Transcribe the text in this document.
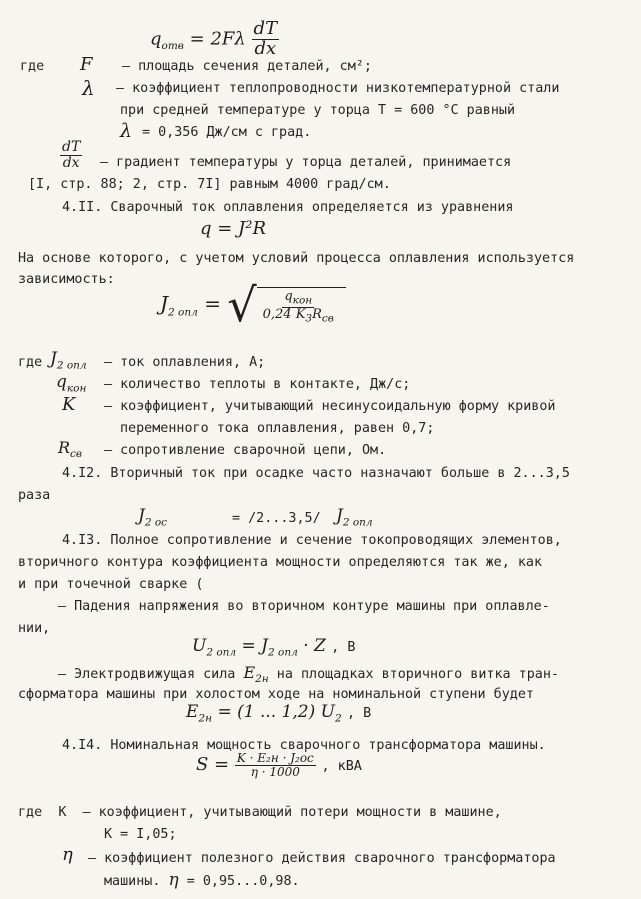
$q_{отв} = 2F\lambda \frac{dT}{dx}$
где F – площадь сечения деталей, см²;
λ – коэффициент теплопроводности низкотемпературной стали
при средней температуре у торца T = 600 °C равный
λ = 0,356 Дж/см с град.
$\frac{dT}{dx}$ – градиент температуры у торца деталей, принимается
[I, стр. 88; 2, стр. 7I] равным 4000 град/см.
4.II. Сварочный ток оплавления определяется из уравнения
q = J²R
На основе которого, с учетом условий процесса оплавления используется
зависимость:
$J_{2 опл}$ = √ $\frac{q_{кон}}{0,24 K_3R_{св}}$
где $J_{2 опл}$ – ток оплавления, А;
$q_{кон}$ – количество теплоты в контакте, Дж/с;
K – коэффициент, учитывающий несинусоидальную форму кривой
переменного тока оплавления, равен 0,7;
$R_{св}$ – сопротивление сварочной цепи, Ом.
4.I2. Вторичный ток при осадке часто назначают больше в 2...3,5
раза
$J_{2 ос}$	= /2...3,5/ $J_{2 опл}$
4.I3. Полное сопротивление и сечение токопроводящих элементов,
вторичного контура коэффициента мощности определяются так же, как
и при точечной сварке (
– Падения напряжения во вторичном контуре машины при оплавле-
нии,
$U_{2 опл} = J_{2 опл} \cdot Z$ , В
– Электродвижущая сила $E_{2н}$ на площадках вторичного витка тран-
сформатора машины при холостом ходе на номинальной ступени будет
$E_{2н} = (1$ ... 1,2) $U_2$ , В
4.I4. Номинальная мощность сварочного трансформатора машины.
$S = \frac{\text{K · E₂н · J₂ос}}{\eta \cdot 1000}$ , кВА
где К – коэффициент, учитывающий потери мощности в машине,
К = I,05;
η – коэффициент полезного действия сварочного трансформатора
машины. η = 0,95...0,98.
